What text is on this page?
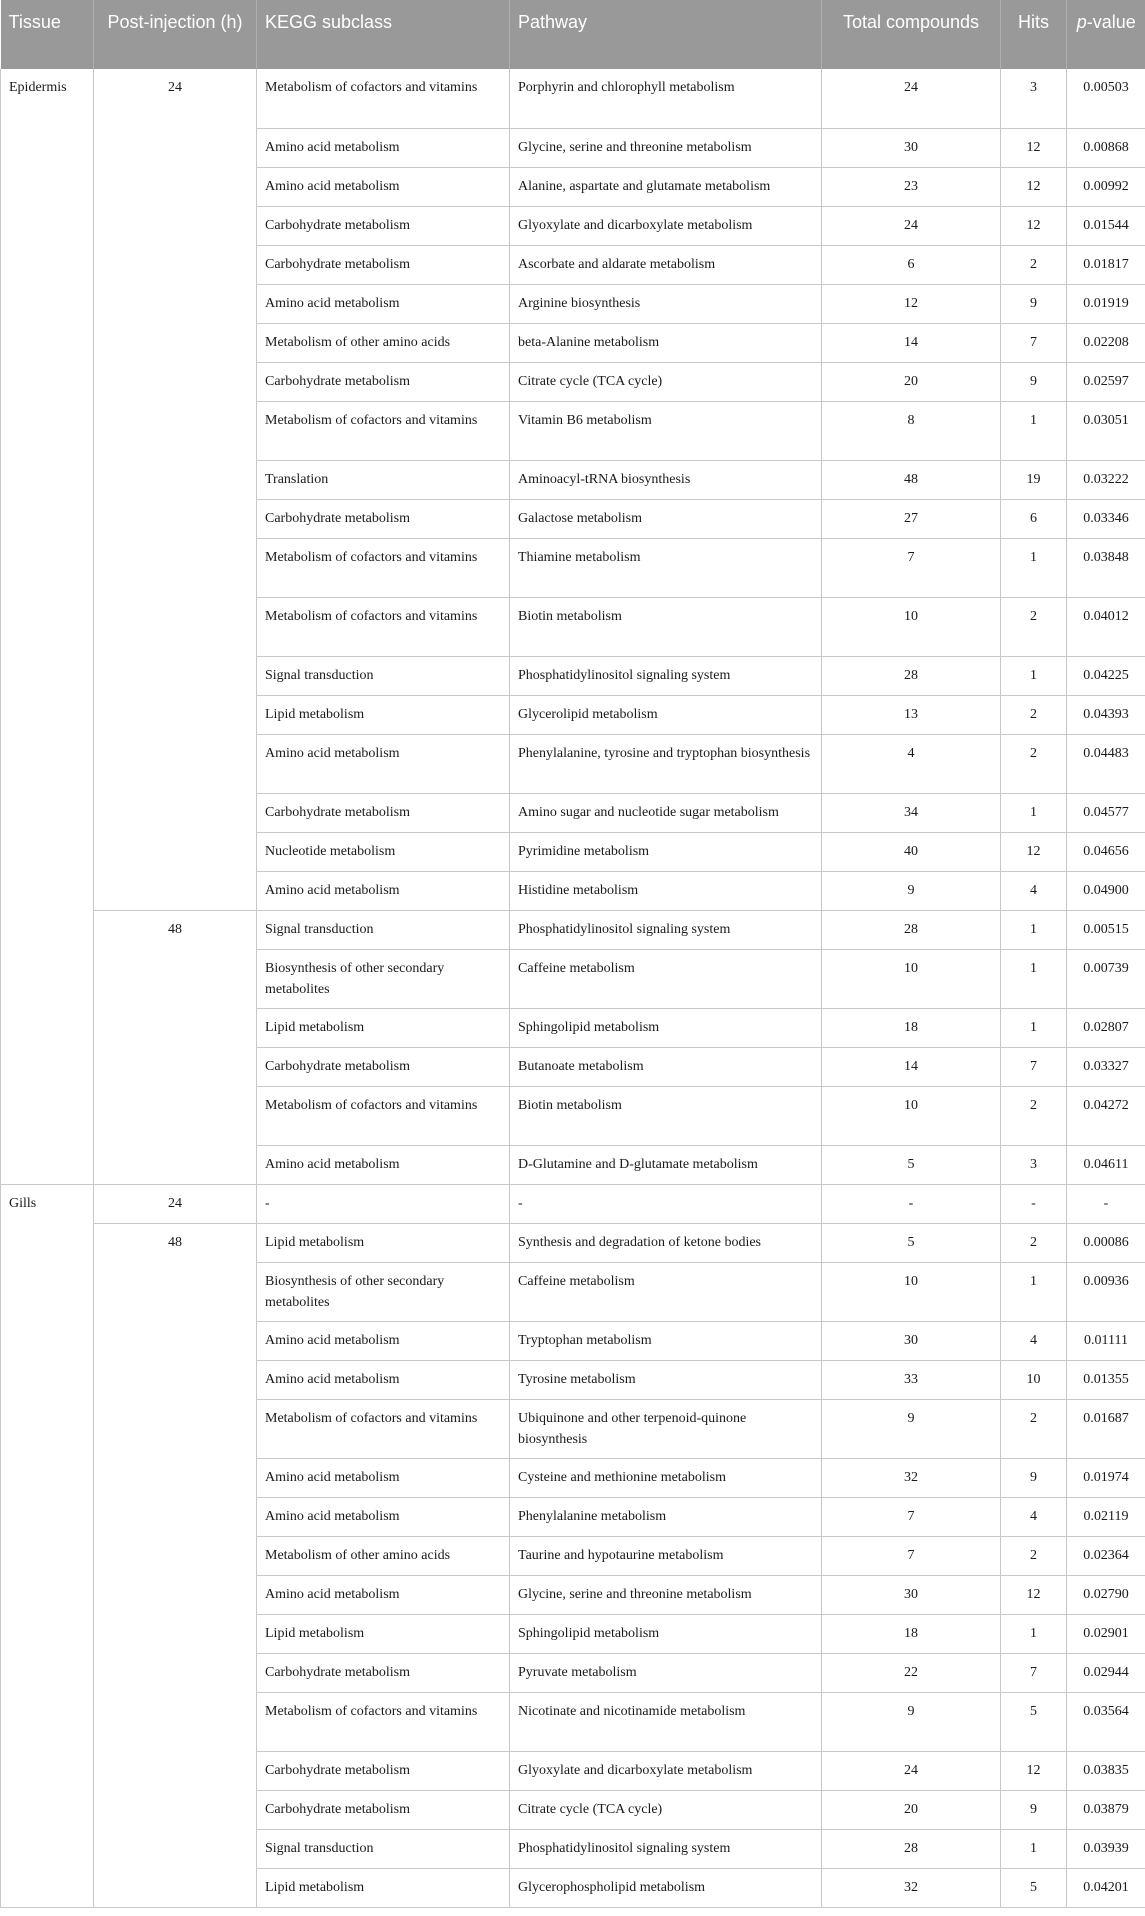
Tissue	Post-injection (h)	KEGG subclass	Pathway	Total compounds	Hits	p-value
Epidermis	24	Metabolism of cofactors and vitamins	Porphyrin and chlorophyll metabolism	24	3	0.00503
		Amino acid metabolism	Glycine, serine and threonine metabolism	30	12	0.00868
		Amino acid metabolism	Alanine, aspartate and glutamate metabolism	23	12	0.00992
		Carbohydrate metabolism	Glyoxylate and dicarboxylate metabolism	24	12	0.01544
		Carbohydrate metabolism	Ascorbate and aldarate metabolism	6	2	0.01817
		Amino acid metabolism	Arginine biosynthesis	12	9	0.01919
		Metabolism of other amino acids	beta-Alanine metabolism	14	7	0.02208
		Carbohydrate metabolism	Citrate cycle (TCA cycle)	20	9	0.02597
		Metabolism of cofactors and vitamins	Vitamin B6 metabolism	8	1	0.03051
		Translation	Aminoacyl-tRNA biosynthesis	48	19	0.03222
		Carbohydrate metabolism	Galactose metabolism	27	6	0.03346
		Metabolism of cofactors and vitamins	Thiamine metabolism	7	1	0.03848
		Metabolism of cofactors and vitamins	Biotin metabolism	10	2	0.04012
		Signal transduction	Phosphatidylinositol signaling system	28	1	0.04225
		Lipid metabolism	Glycerolipid metabolism	13	2	0.04393
		Amino acid metabolism	Phenylalanine, tyrosine and tryptophan biosynthesis	4	2	0.04483
		Carbohydrate metabolism	Amino sugar and nucleotide sugar metabolism	34	1	0.04577
		Nucleotide metabolism	Pyrimidine metabolism	40	12	0.04656
		Amino acid metabolism	Histidine metabolism	9	4	0.04900
	48	Signal transduction	Phosphatidylinositol signaling system	28	1	0.00515
		Biosynthesis of other secondary metabolites	Caffeine metabolism	10	1	0.00739
		Lipid metabolism	Sphingolipid metabolism	18	1	0.02807
		Carbohydrate metabolism	Butanoate metabolism	14	7	0.03327
		Metabolism of cofactors and vitamins	Biotin metabolism	10	2	0.04272
		Amino acid metabolism	D-Glutamine and D-glutamate metabolism	5	3	0.04611
Gills	24	-	-	-	-	-
	48	Lipid metabolism	Synthesis and degradation of ketone bodies	5	2	0.00086
		Biosynthesis of other secondary metabolites	Caffeine metabolism	10	1	0.00936
		Amino acid metabolism	Tryptophan metabolism	30	4	0.01111
		Amino acid metabolism	Tyrosine metabolism	33	10	0.01355
		Metabolism of cofactors and vitamins	Ubiquinone and other terpenoid-quinone biosynthesis	9	2	0.01687
		Amino acid metabolism	Cysteine and methionine metabolism	32	9	0.01974
		Amino acid metabolism	Phenylalanine metabolism	7	4	0.02119
		Metabolism of other amino acids	Taurine and hypotaurine metabolism	7	2	0.02364
		Amino acid metabolism	Glycine, serine and threonine metabolism	30	12	0.02790
		Lipid metabolism	Sphingolipid metabolism	18	1	0.02901
		Carbohydrate metabolism	Pyruvate metabolism	22	7	0.02944
		Metabolism of cofactors and vitamins	Nicotinate and nicotinamide metabolism	9	5	0.03564
		Carbohydrate metabolism	Glyoxylate and dicarboxylate metabolism	24	12	0.03835
		Carbohydrate metabolism	Citrate cycle (TCA cycle)	20	9	0.03879
		Signal transduction	Phosphatidylinositol signaling system	28	1	0.03939
		Lipid metabolism	Glycerophospholipid metabolism	32	5	0.04201
